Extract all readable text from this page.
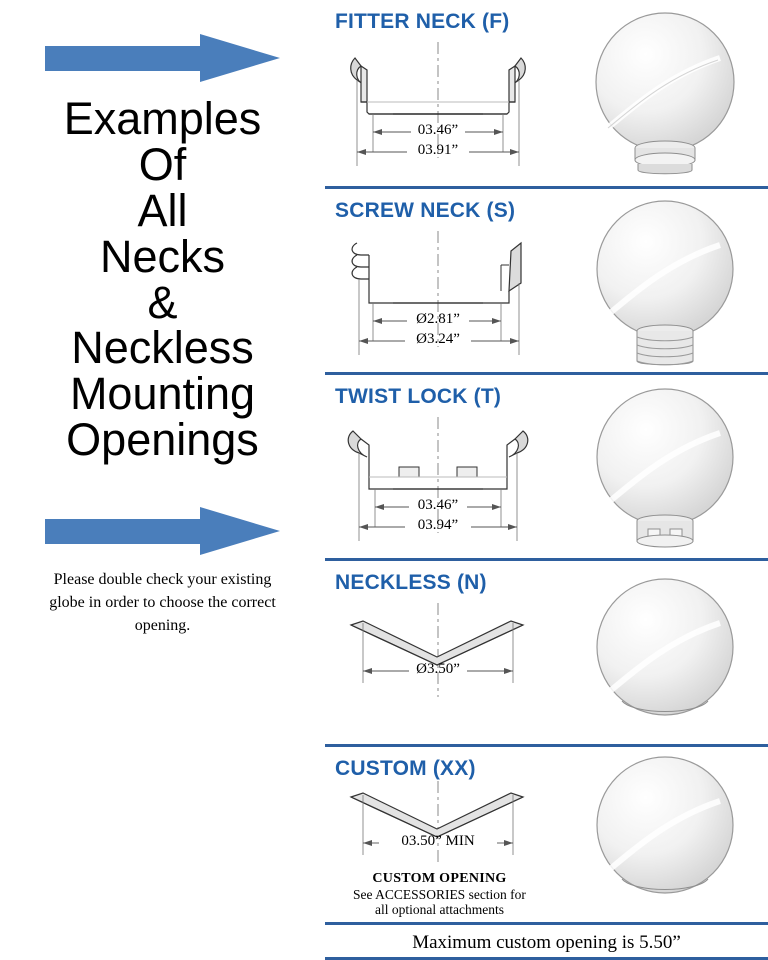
Examples
Of
All
Necks
&
Neckless
Mounting
Openings
Please double check your existing globe in order to choose the correct opening.
FITTER NECK (F)
03.46”
03.91”
SCREW NECK (S)
Ø2.81”
Ø3.24”
TWIST LOCK (T)
03.46”
03.94”
NECKLESS (N)
Ø3.50”
CUSTOM (XX)
03.50” MIN
CUSTOM OPENING
See ACCESSORIES section for
all optional attachments
Maximum custom opening is 5.50”
